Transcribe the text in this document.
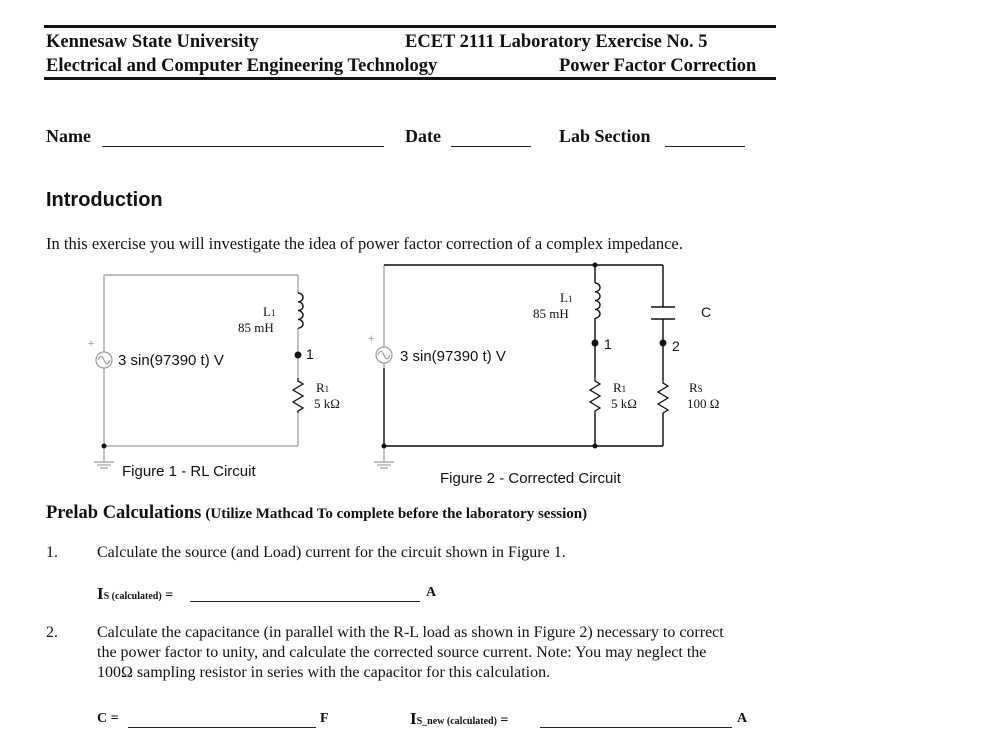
Kennesaw State University	ECET 2111 Laboratory Exercise No. 5
Electrical and Computer Engineering Technology	Power Factor Correction
Name	Date	Lab Section
Introduction
In this exercise you will investigate the idea of power factor correction of a complex impedance.
+
3 sin(97390 t) V
L1
85 mH
1
R1
5 kΩ
Figure 1 - RL Circuit
+
3 sin(97390 t) V
L1
85 mH	C
1	2
R1
5 kΩ
RS
100 Ω
Figure 2 - Corrected Circuit
Prelab Calculations (Utilize Mathcad To complete before the laboratory session)
1. Calculate the source (and Load) current for the circuit shown in Figure 1.
IS (calculated) =	A
2. Calculate the capacitance (in parallel with the R-L load as shown in Figure 2) necessary to correct
the power factor to unity, and calculate the corrected source current. Note: You may neglect the
100Ω sampling resistor in series with the capacitor for this calculation.
C =	F	IS_new (calculated) =	A
